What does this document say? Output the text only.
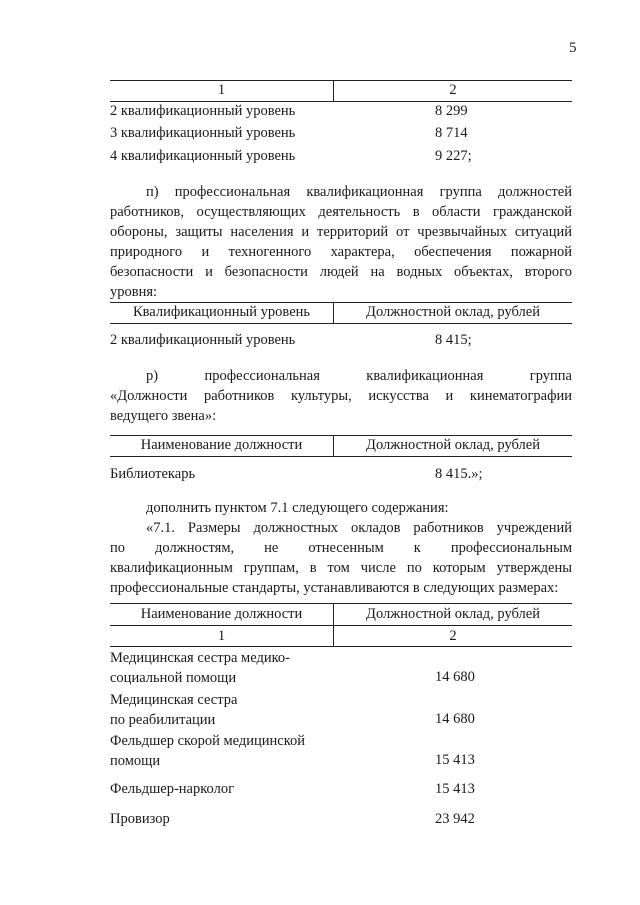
5
1	2
2 квалификационный уровень	8 299
3 квалификационный уровень	8 714
4 квалификационный уровень	9 227;
п) профессиональная квалификационная группа должностей
работников, осуществляющих деятельность в области гражданской
обороны, защиты населения и территорий от чрезвычайных ситуаций
природного и техногенного характера, обеспечения пожарной
безопасности и безопасности людей на водных объектах, второго
уровня:
Квалификационный уровень	Должностной оклад, рублей
2 квалификационный уровень	8 415;
р) профессиональная квалификационная группа
«Должности работников культуры, искусства и кинематографии
ведущего звена»:
Наименование должности	Должностной оклад, рублей
Библиотекарь	8 415.»;
дополнить пунктом 7.1 следующего содержания:
«7.1. Размеры должностных окладов работников учреждений
по должностям, не отнесенным к профессиональным
квалификационным группам, в том числе по которым утверждены
профессиональные стандарты, устанавливаются в следующих размерах:
Наименование должности	Должностной оклад, рублей
1	2
Медицинская сестра медико-социальной помощи	14 680
Медицинская сестра по реабилитации	14 680
Фельдшер скорой медицинской помощи	15 413
Фельдшер-нарколог	15 413
Провизор	23 942
